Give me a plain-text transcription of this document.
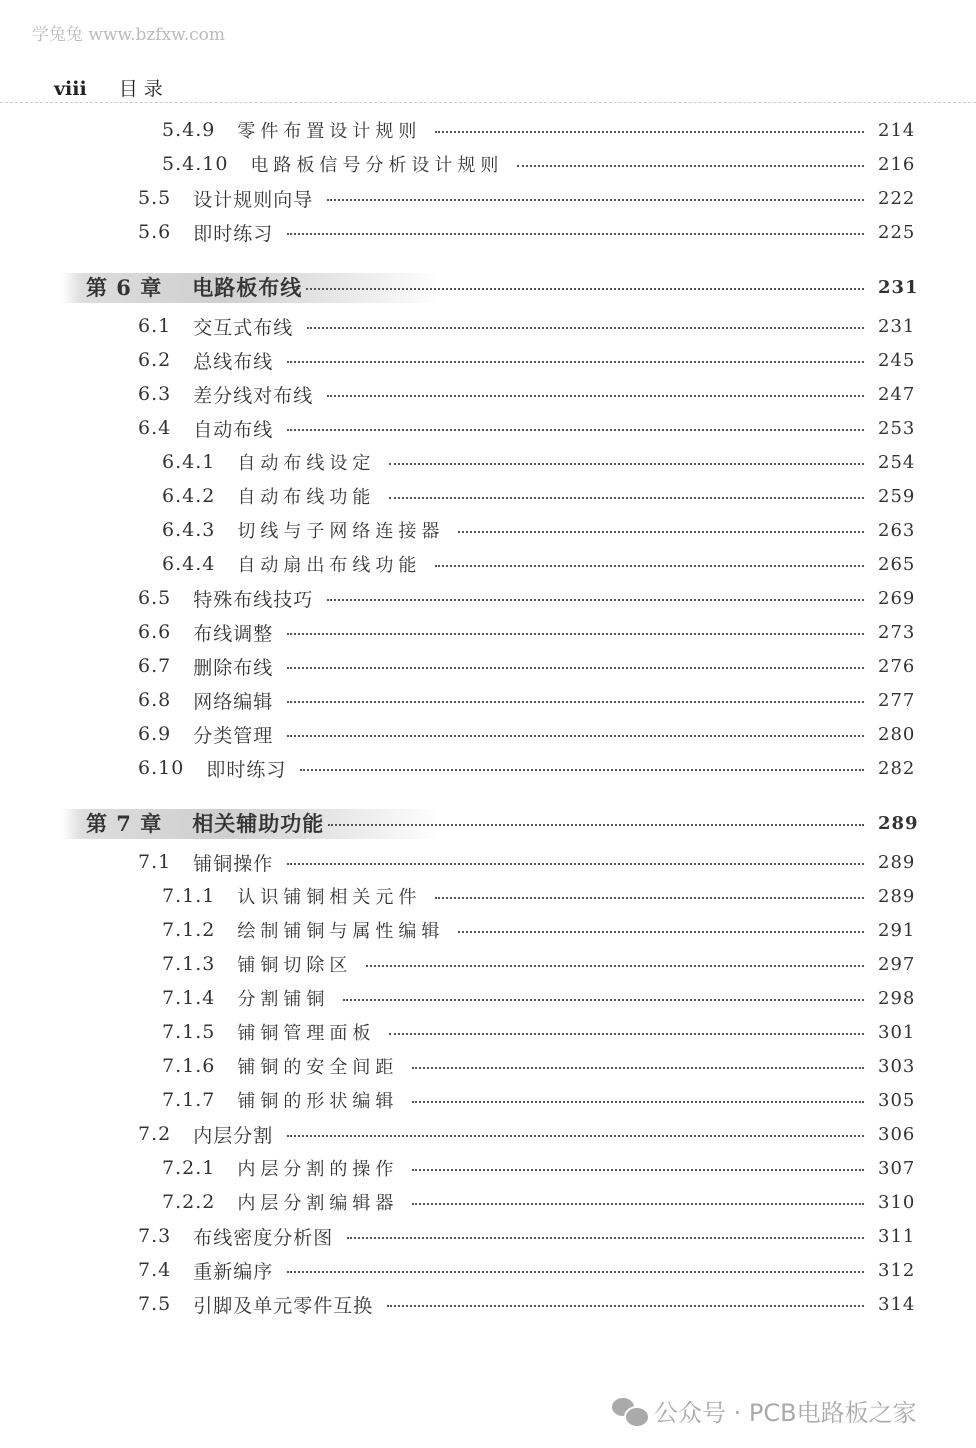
学兔兔 www.bzfxw.com
viii 目 录
5.4.9 零件布置设计规则	214
5.4.10 电路板信号分析设计规则	216
5.5 设计规则向导	222
5.6 即时练习	225
第 6 章 电路板布线	231
6.1 交互式布线	231
6.2 总线布线	245
6.3 差分线对布线	247
6.4 自动布线	253
6.4.1 自动布线设定	254
6.4.2 自动布线功能	259
6.4.3 切线与子网络连接器	263
6.4.4 自动扇出布线功能	265
6.5 特殊布线技巧	269
6.6 布线调整	273
6.7 删除布线	276
6.8 网络编辑	277
6.9 分类管理	280
6.10 即时练习	282
第 7 章 相关辅助功能	289
7.1 铺铜操作	289
7.1.1 认识铺铜相关元件	289
7.1.2 绘制铺铜与属性编辑	291
7.1.3 铺铜切除区	297
7.1.4 分割铺铜	298
7.1.5 铺铜管理面板	301
7.1.6 铺铜的安全间距	303
7.1.7 铺铜的形状编辑	305
7.2 内层分割	306
7.2.1 内层分割的操作	307
7.2.2 内层分割编辑器	310
7.3 布线密度分析图	311
7.4 重新编序	312
7.5 引脚及单元零件互换	314
公众号 · PCB电路板之家
